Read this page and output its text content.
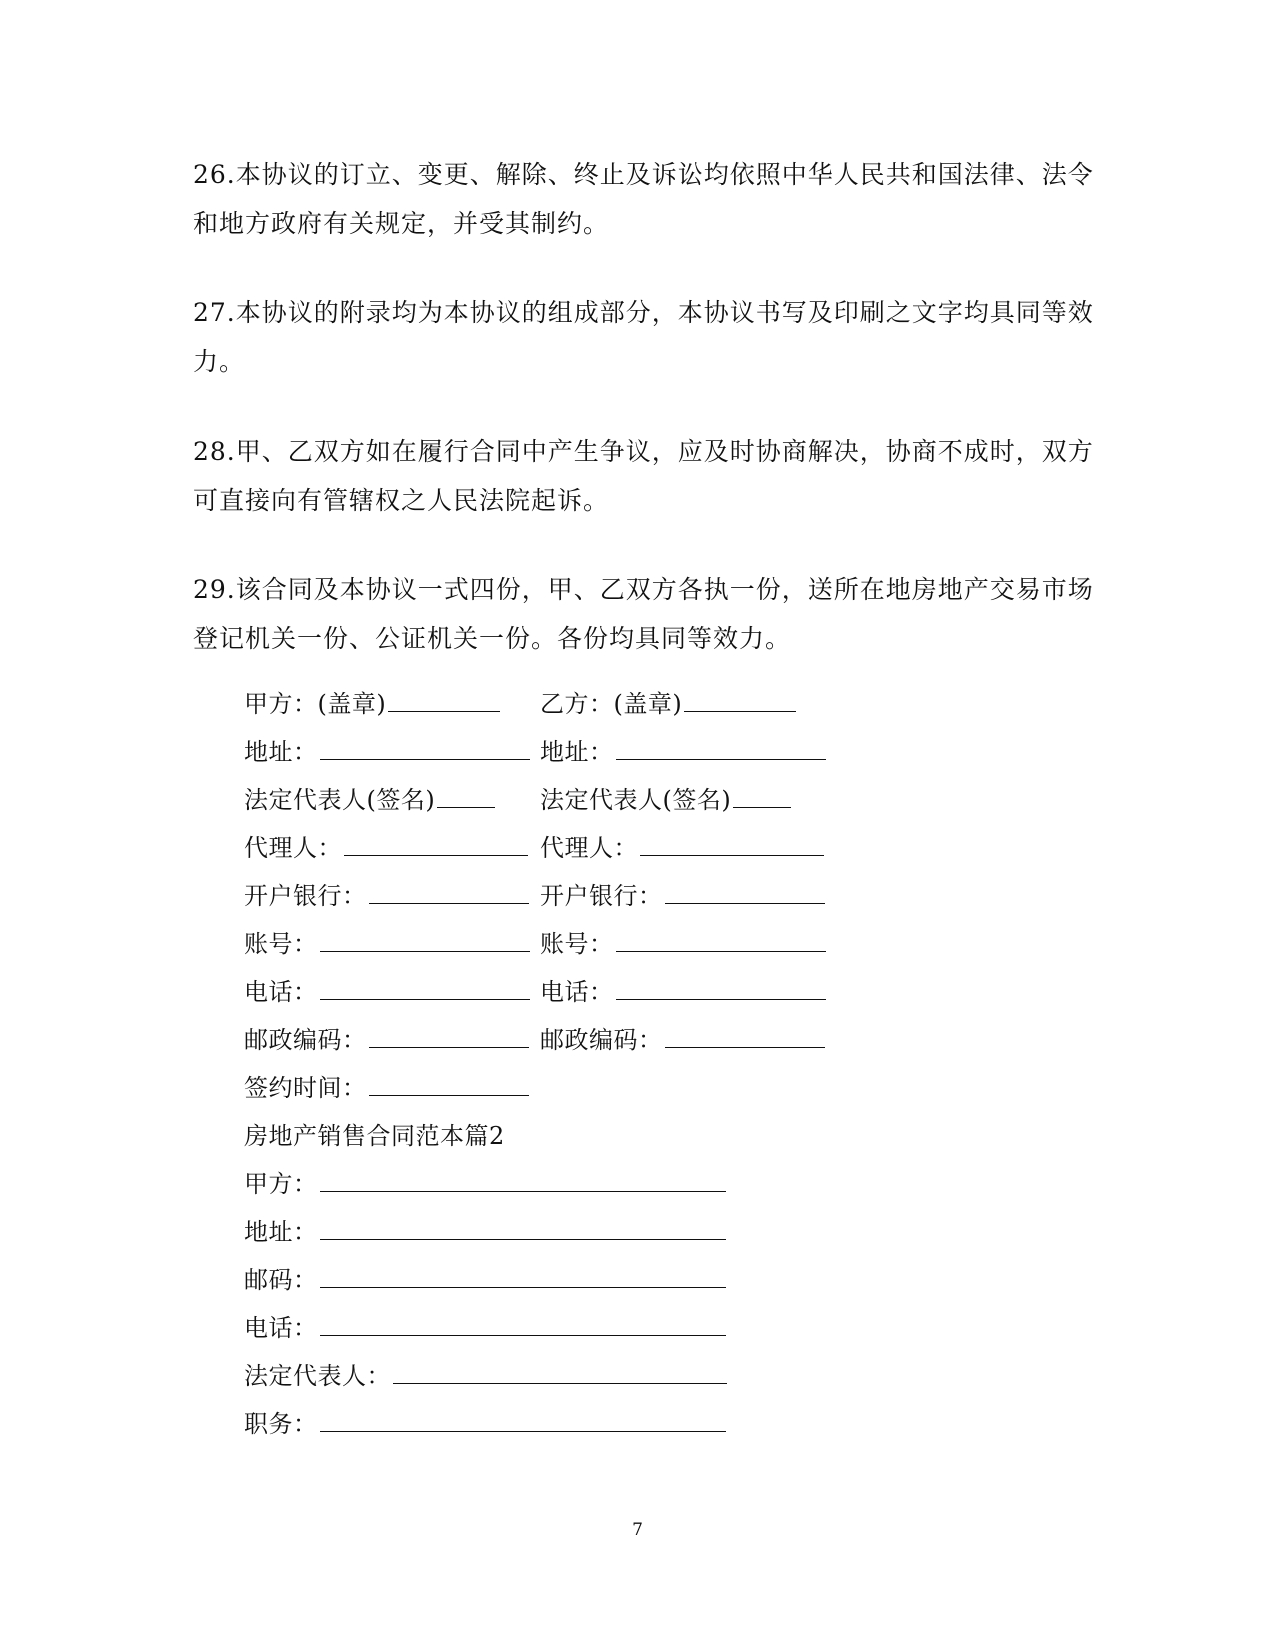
26.本协议的订立、变更、解除、终止及诉讼均依照中华人民共和国法律、法令
和地方政府有关规定，并受其制约。
27.本协议的附录均为本协议的组成部分，本协议书写及印刷之文字均具同等效
力。
28.甲、乙双方如在履行合同中产生争议，应及时协商解决，协商不成时，双方
可直接向有管辖权之人民法院起诉。
29.该合同及本协议一式四份，甲、乙双方各执一份，送所在地房地产交易市场
登记机关一份、公证机关一份。各份均具同等效力。
甲方：(盖章)	乙方：(盖章)
地址：	地址：
法定代表人(签名)	法定代表人(签名)
代理人：	代理人：
开户银行：	开户银行：
账号：	账号：
电话：	电话：
邮政编码：	邮政编码：
签约时间：
房地产销售合同范本篇2
甲方：
地址：
邮码：
电话：
法定代表人：
职务：
7
